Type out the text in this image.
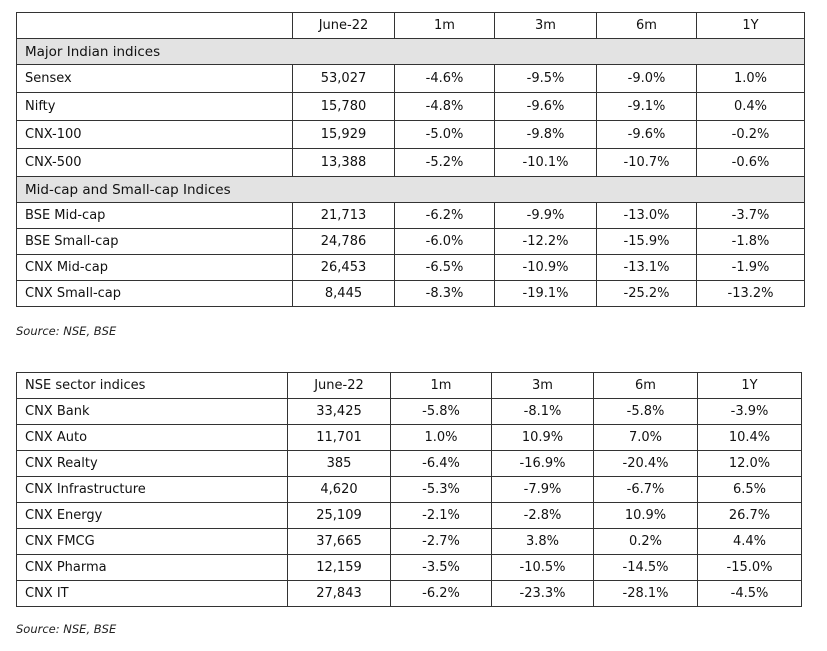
	June-22	1m	3m	6m	1Y
Major Indian indices					
Sensex	53,027	-4.6%	-9.5%	-9.0%	1.0%
Nifty	15,780	-4.8%	-9.6%	-9.1%	0.4%
CNX-100	15,929	-5.0%	-9.8%	-9.6%	-0.2%
CNX-500	13,388	-5.2%	-10.1%	-10.7%	-0.6%
Mid-cap and Small-cap Indices					
BSE Mid-cap	21,713	-6.2%	-9.9%	-13.0%	-3.7%
BSE Small-cap	24,786	-6.0%	-12.2%	-15.9%	-1.8%
CNX Mid-cap	26,453	-6.5%	-10.9%	-13.1%	-1.9%
CNX Small-cap	8,445	-8.3%	-19.1%	-25.2%	-13.2%
Source: NSE, BSE
NSE sector indices	June-22	1m	3m	6m	1Y
CNX Bank	33,425	-5.8%	-8.1%	-5.8%	-3.9%
CNX Auto	11,701	1.0%	10.9%	7.0%	10.4%
CNX Realty	385	-6.4%	-16.9%	-20.4%	12.0%
CNX Infrastructure	4,620	-5.3%	-7.9%	-6.7%	6.5%
CNX Energy	25,109	-2.1%	-2.8%	10.9%	26.7%
CNX FMCG	37,665	-2.7%	3.8%	0.2%	4.4%
CNX Pharma	12,159	-3.5%	-10.5%	-14.5%	-15.0%
CNX IT	27,843	-6.2%	-23.3%	-28.1%	-4.5%
Source: NSE, BSE
